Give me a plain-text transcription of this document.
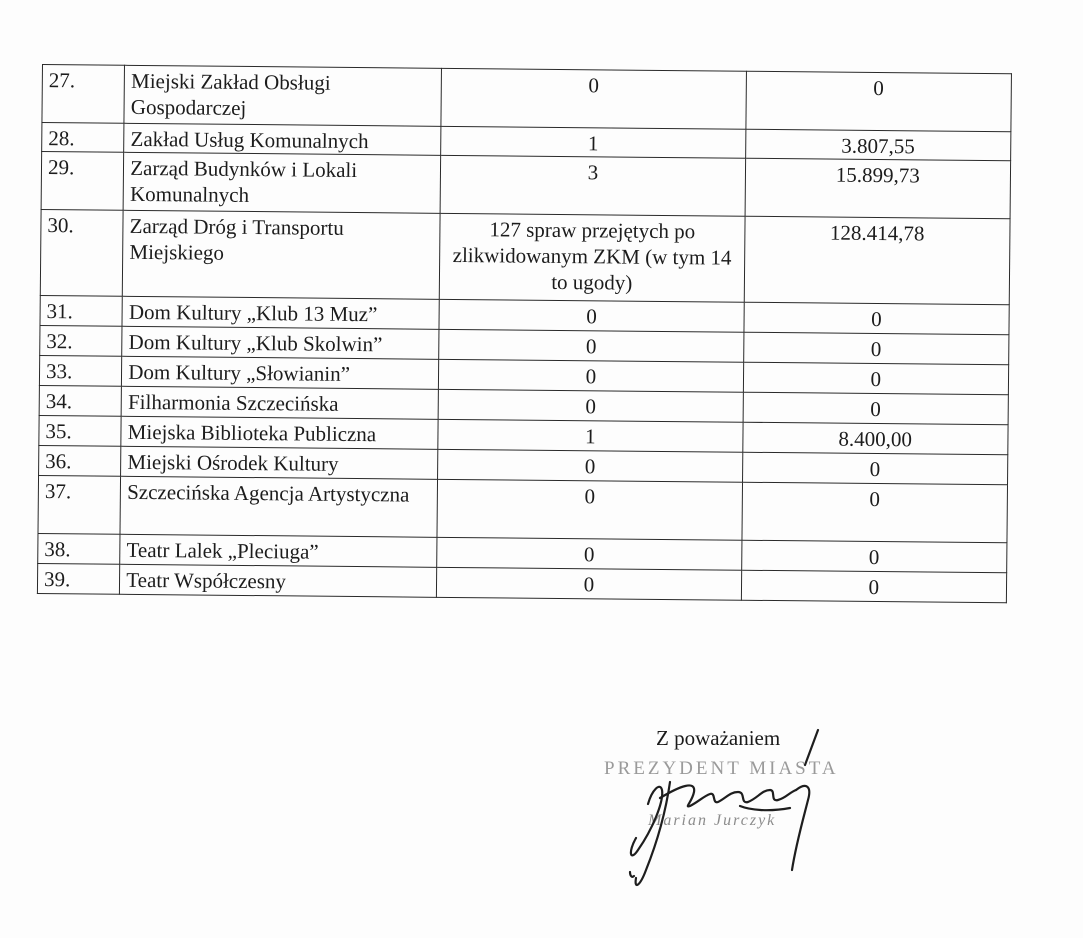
27.	Miejski Zakład Obsługi Gospodarczej	0	0
28.	Zakład Usług Komunalnych	1	3.807,55
29.	Zarząd Budynków i Lokali Komunalnych	3	15.899,73
30.	Zarząd Dróg i Transportu Miejskiego	127 spraw przejętych po zlikwidowanym ZKM (w tym 14 to ugody)	128.414,78
31.	Dom Kultury „Klub 13 Muz”	0	0
32.	Dom Kultury „Klub Skolwin”	0	0
33.	Dom Kultury „Słowianin”	0	0
34.	Filharmonia Szczecińska	0	0
35.	Miejska Biblioteka Publiczna	1	8.400,00
36.	Miejski Ośrodek Kultury	0	0
37.	Szczecińska Agencja Artystyczna	0	0
38.	Teatr Lalek „Pleciuga”	0	0
39.	Teatr Współczesny	0	0
Z poważaniem
PREZYDENT MIASTA
Marian Jurczyk
